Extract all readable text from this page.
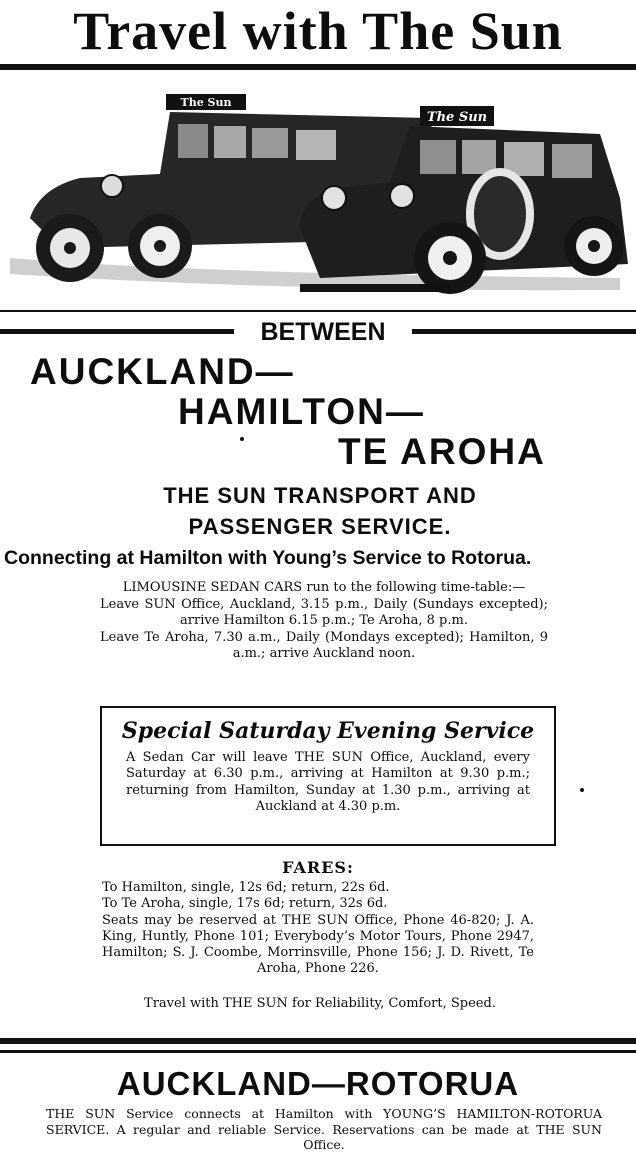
Travel with The Sun
The Sun
The Sun
BETWEEN
AUCKLAND—
HAMILTON—
TE AROHA
THE SUN TRANSPORT AND
PASSENGER SERVICE.
Connecting at Hamilton with Young’s Service to Rotorua.

LIMOUSINE SEDAN CARS run to the following time-table:—

Leave SUN Office, Auckland, 3.15 p.m., Daily (Sundays excepted); arrive Hamilton 6.15 p.m.; Te Aroha, 8 p.m.

Leave Te Aroha, 7.30 a.m., Daily (Mondays excepted); Hamilton, 9 a.m.; arrive Auckland noon.

Special Saturday Evening Service
A Sedan Car will leave THE SUN Office, Auckland, every Saturday at 6.30 p.m., arriving at Hamilton at 9.30 p.m.; returning from Hamilton, Sunday at 1.30 p.m., arriving at Auckland at 4.30 p.m.
FARES:

To Hamilton, single, 12s 6d; return, 22s 6d.

To Te Aroha, single, 17s 6d; return, 32s 6d.

Seats may be reserved at THE SUN Office, Phone 46-820; J. A. King, Huntly, Phone 101; Everybody’s Motor Tours, Phone 2947, Hamilton; S. J. Coombe, Morrinsville, Phone 156; J. D. Rivett, Te Aroha, Phone 226.

Travel with THE SUN for Reliability, Comfort, Speed.
AUCKLAND—ROTORUA
THE SUN Service connects at Hamilton with YOUNG’S HAMILTON-ROTORUA SERVICE. A regular and reliable Service. Reservations can be made at THE SUN Office.
